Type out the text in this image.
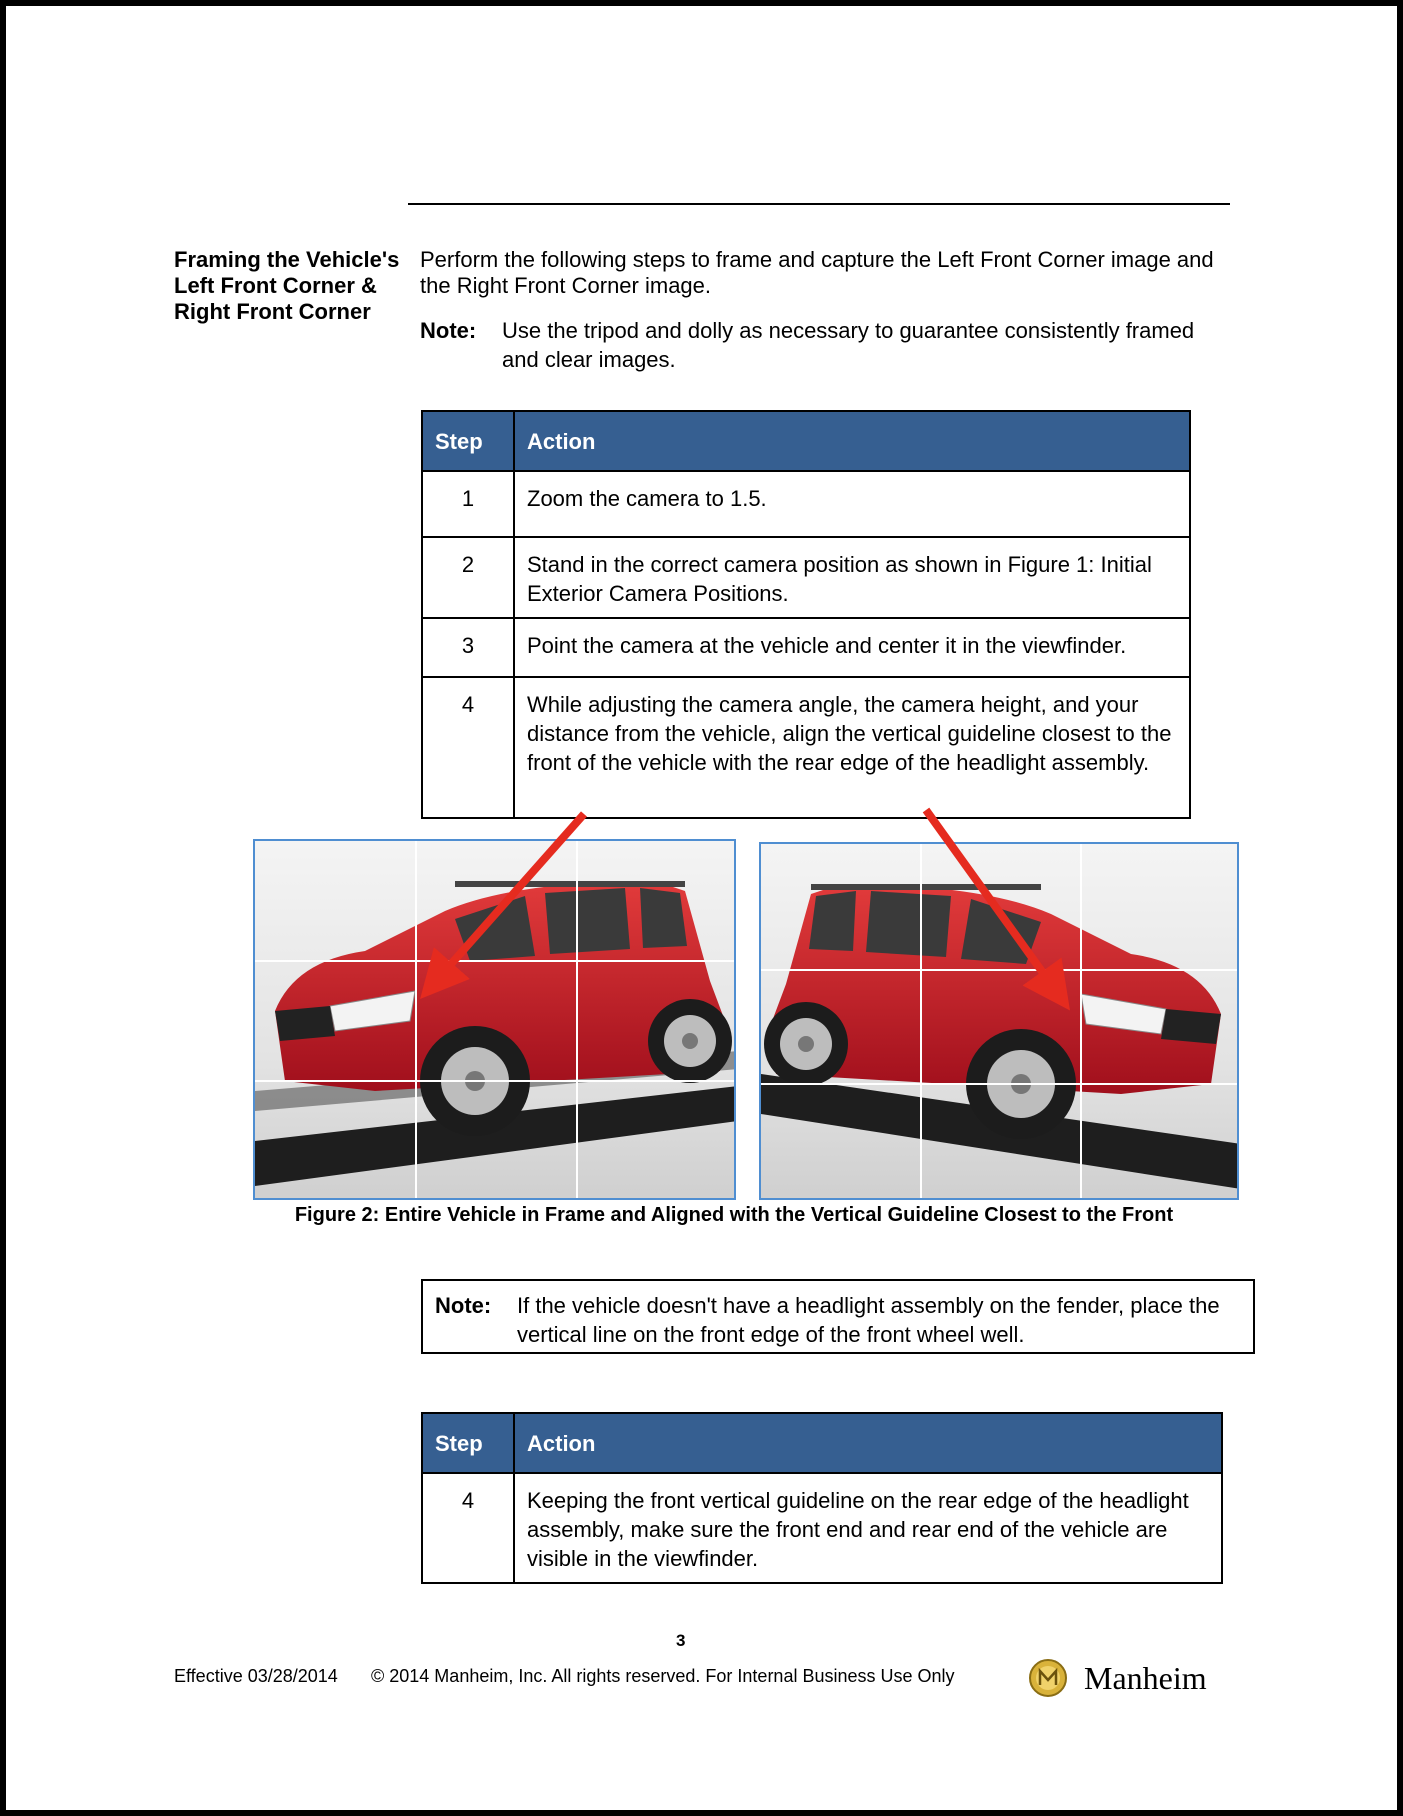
Framing the Vehicle's Left Front Corner & Right Front Corner
Perform the following steps to frame and capture the Left Front Corner image and the Right Front Corner image.
Note:	Use the tripod and dolly as necessary to guarantee consistently framed and clear images.
Step	Action
1	Zoom the camera to 1.5.
2	Stand in the correct camera position as shown in Figure 1: Initial Exterior Camera Positions.
3	Point the camera at the vehicle and center it in the viewfinder.
4	While adjusting the camera angle, the camera height, and your distance from the vehicle, align the vertical guideline closest to the front of the vehicle with the rear edge of the headlight assembly.
Figure 2: Entire Vehicle in Frame and Aligned with the Vertical Guideline Closest to the Front
Note:	If the vehicle doesn't have a headlight assembly on the fender, place the vertical line on the front edge of the front wheel well.
Step	Action
4	Keeping the front vertical guideline on the rear edge of the headlight assembly, make sure the front end and rear end of the vehicle are visible in the viewfinder.
3
Effective 03/28/2014 © 2014 Manheim, Inc. All rights reserved. For Internal Business Use Only	Manheim
